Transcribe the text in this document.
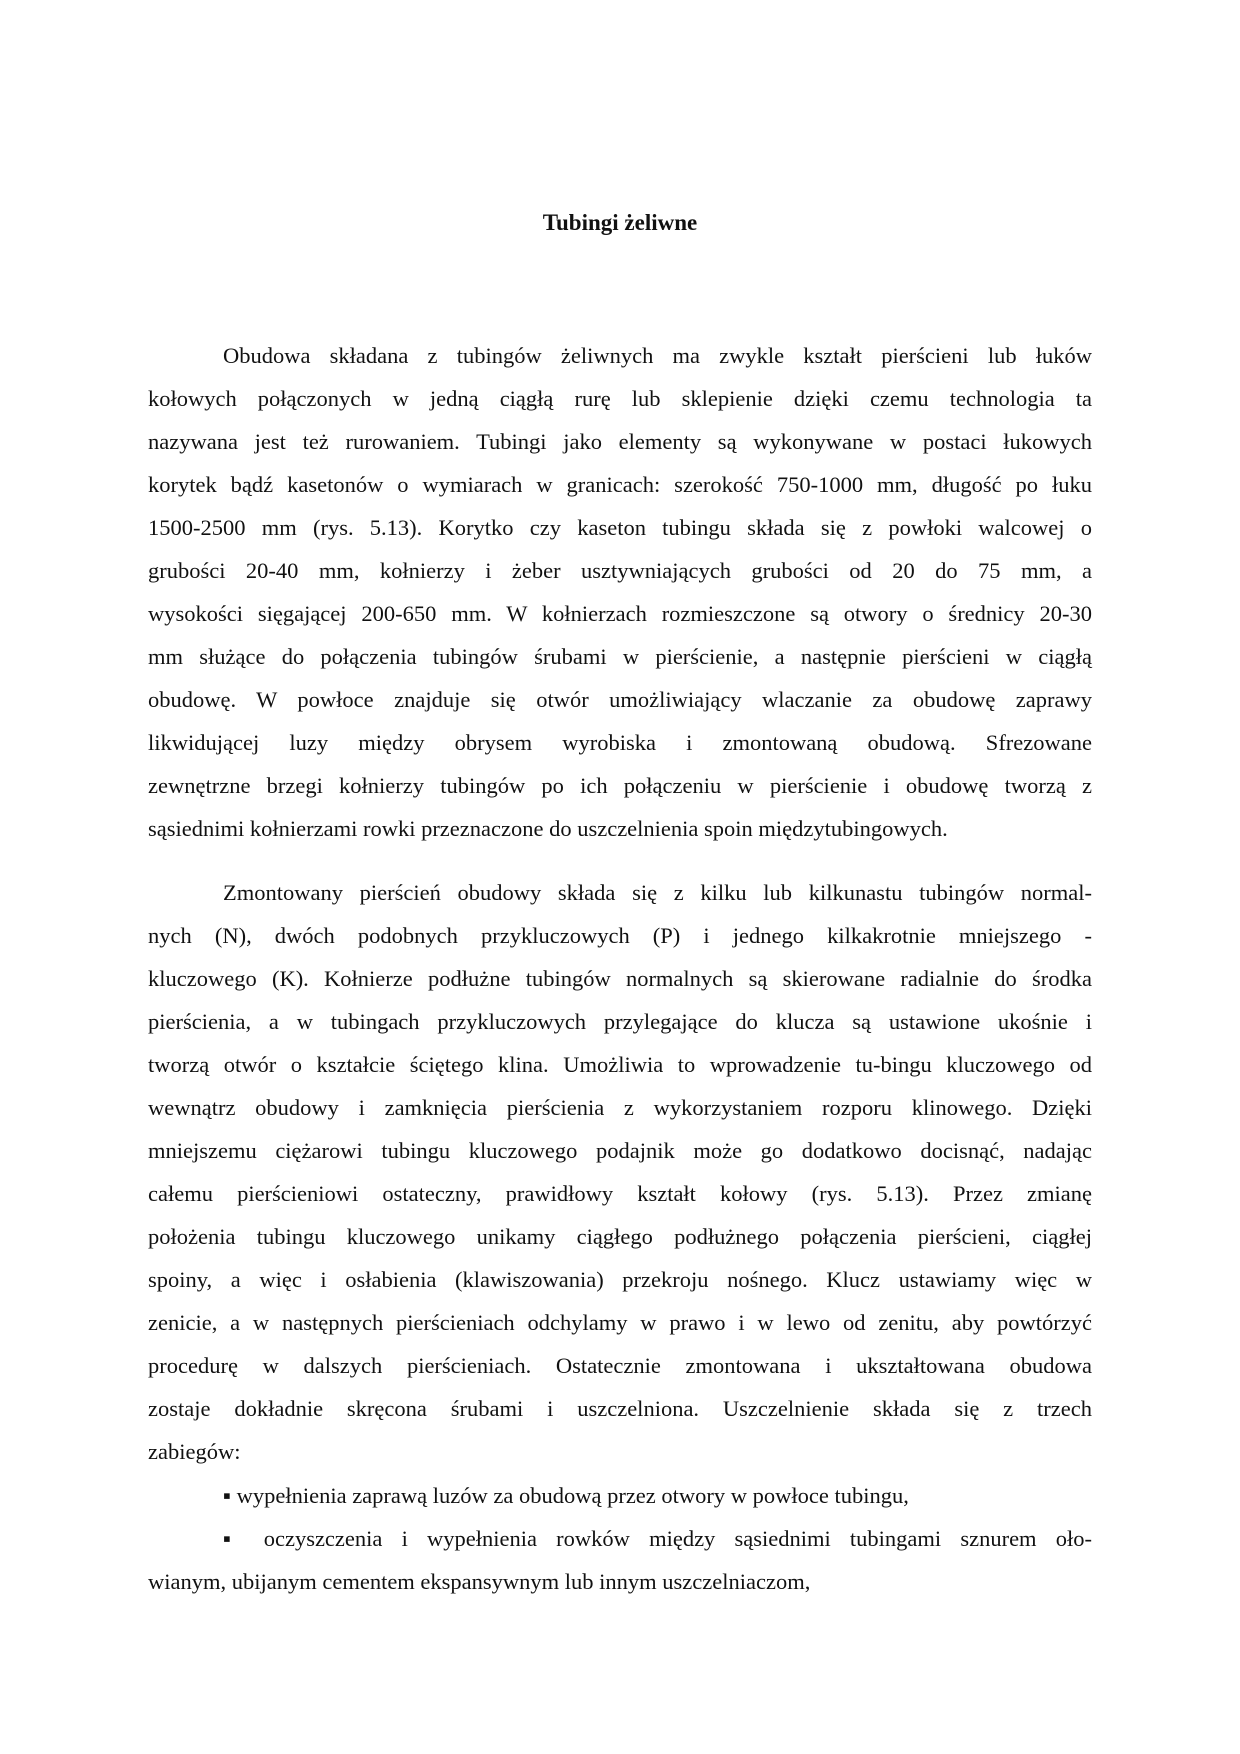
Tubingi żeliwne
Obudowa składana z tubingów żeliwnych ma zwykle kształt pierścieni lub łuków
kołowych połączonych w jedną ciągłą rurę lub sklepienie dzięki czemu technologia ta
nazywana jest też rurowaniem. Tubingi jako elementy są wykonywane w postaci łukowych
korytek bądź kasetonów o wymiarach w granicach: szerokość 750-1000 mm, długość po łuku
1500-2500 mm (rys. 5.13). Korytko czy kaseton tubingu składa się z powłoki walcowej o
grubości 20-40 mm, kołnierzy i żeber usztywniających grubości od 20 do 75 mm, a
wysokości sięgającej 200-650 mm. W kołnierzach rozmieszczone są otwory o średnicy 20-30
mm służące do połączenia tubingów śrubami w pierścienie, a następnie pierścieni w ciągłą
obudowę. W powłoce znajduje się otwór umożliwiający wlaczanie za obudowę zaprawy
likwidującej luzy między obrysem wyrobiska i zmontowaną obudową. Sfrezowane
zewnętrzne brzegi kołnierzy tubingów po ich połączeniu w pierścienie i obudowę tworzą z
sąsiednimi kołnierzami rowki przeznaczone do uszczelnienia spoin międzytubingowych.
Zmontowany pierścień obudowy składa się z kilku lub kilkunastu tubingów normal-
nych (N), dwóch podobnych przykluczowych (P) i jednego kilkakrotnie mniejszego -
kluczowego (K). Kołnierze podłużne tubingów normalnych są skierowane radialnie do środka
pierścienia, a w tubingach przykluczowych przylegające do klucza są ustawione ukośnie i
tworzą otwór o kształcie ściętego klina. Umożliwia to wprowadzenie tu-bingu kluczowego od
wewnątrz obudowy i zamknięcia pierścienia z wykorzystaniem rozporu klinowego. Dzięki
mniejszemu ciężarowi tubingu kluczowego podajnik może go dodatkowo docisnąć, nadając
całemu pierścieniowi ostateczny, prawidłowy kształt kołowy (rys. 5.13). Przez zmianę
położenia tubingu kluczowego unikamy ciągłego podłużnego połączenia pierścieni, ciągłej
spoiny, a więc i osłabienia (klawiszowania) przekroju nośnego. Klucz ustawiamy więc w
zenicie, a w następnych pierścieniach odchylamy w prawo i w lewo od zenitu, aby powtórzyć
procedurę w dalszych pierścieniach. Ostatecznie zmontowana i ukształtowana obudowa
zostaje dokładnie skręcona śrubami i uszczelniona. Uszczelnienie składa się z trzech
zabiegów:
▪ wypełnienia zaprawą luzów za obudową przez otwory w powłoce tubingu,
▪ oczyszczenia i wypełnienia rowków między sąsiednimi tubingami sznurem oło-
wianym, ubijanym cementem ekspansywnym lub innym uszczelniaczom,
